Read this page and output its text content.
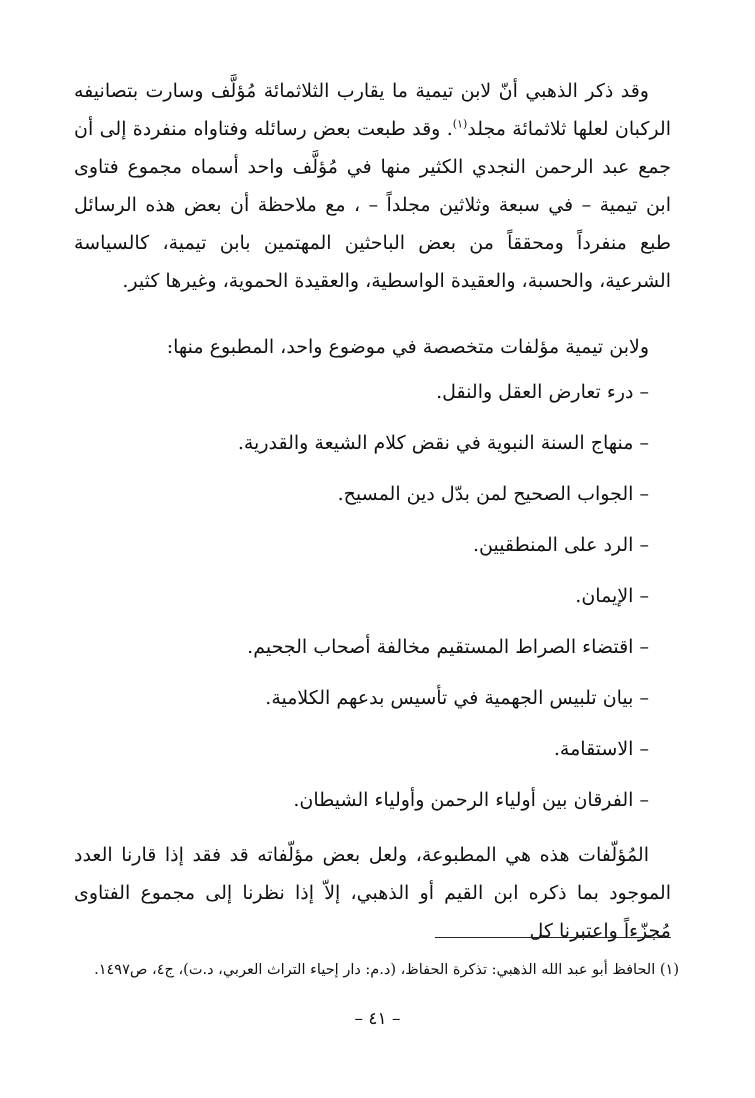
وقد ذكر الذهبي أنّ لابن تيمية ما يقارب الثلاثمائة مُؤلَّف وسارت بتصانيفه الركبان لعلها ثلاثمائة مجلد$^{(١)}$. وقد طبعت بعض رسائله وفتاواه منفردة إلى أن جمع عبد الرحمن النجدي الكثير منها في مُؤلَّف واحد أسماه مجموع فتاوى ابن تيمية – في سبعة وثلاثين مجلداً – ، مع ملاحظة أن بعض هذه الرسائل طبع منفرداً ومحققاً من بعض الباحثين المهتمين بابن تيمية، كالسياسة الشرعية، والحسبة، والعقيدة الواسطية، والعقيدة الحموية، وغيرها كثير.

ولابن تيمية مؤلفات متخصصة في موضوع واحد، المطبوع منها:

– درء تعارض العقل والنقل.
– منهاج السنة النبوية في نقض كلام الشيعة والقدرية.
– الجواب الصحيح لمن بدّل دين المسيح.
– الرد على المنطقيين.
– الإيمان.
– اقتضاء الصراط المستقيم مخالفة أصحاب الجحيم.
– بيان تلبيس الجهمية في تأسيس بدعهم الكلامية.
– الاستقامة.
– الفرقان بين أولياء الرحمن وأولياء الشيطان.

المُؤلّفات هذه هي المطبوعة، ولعل بعض مؤلّفاته قد فقد إذا قارنا العدد الموجود بما ذكره ابن القيم أو الذهبي، إلاّ إذا نظرنا إلى مجموع الفتاوى مُجزّءاً واعتبرنا كل

(١) الحافظ أبو عبد الله الذهبي: تذكرة الحفاظ، (د.م: دار إحياء التراث العربي، د.ت)، ج٤، ص١٤٩٧.

– ٤١ –
